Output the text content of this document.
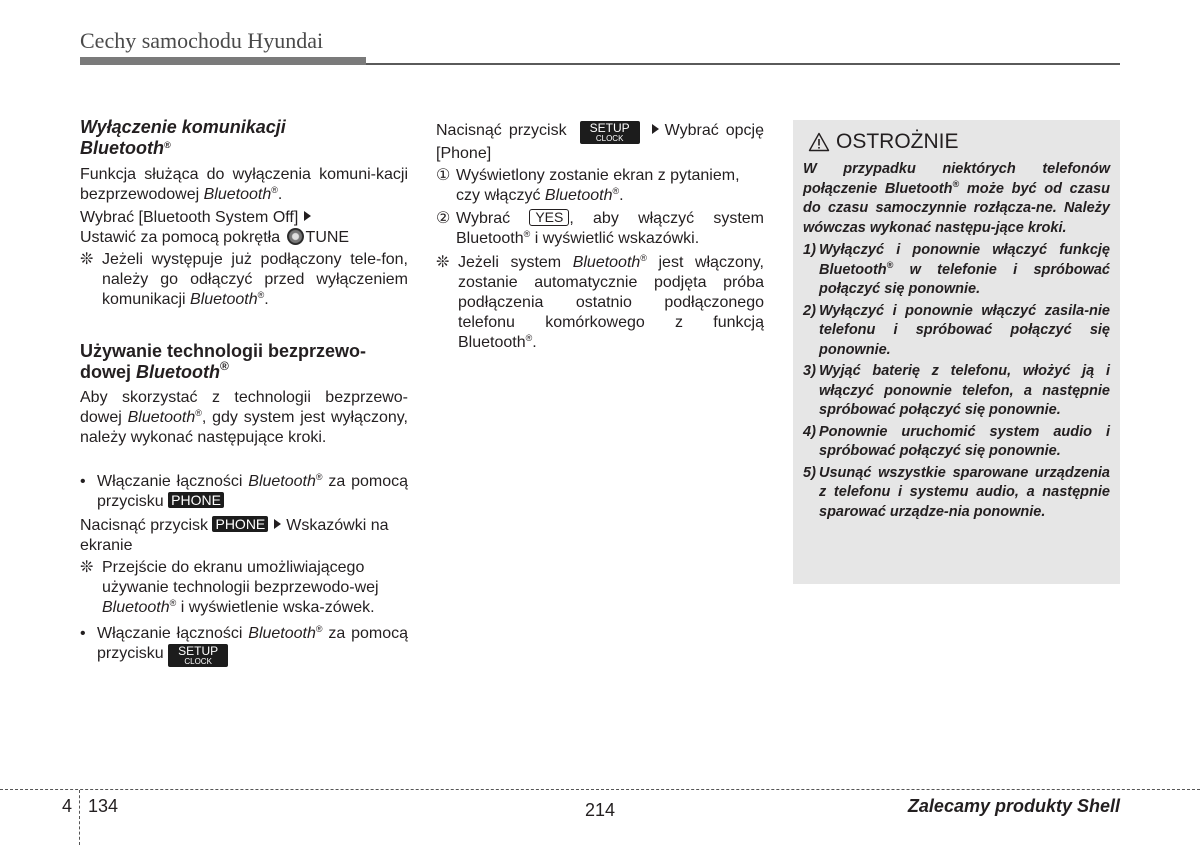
Cechy samochodu Hyundai

Wyłączenie komunikacji
Bluetooth®

Funkcja służąca do wyłączenia komuni-kacji bezprzewodowej Bluetooth®.

Wybrać [Bluetooth System Off]
Ustawić za pomocą pokrętła TUNE

❊ Jeżeli występuje już podłączony tele-fon, należy go odłączyć przed wyłączeniem komunikacji Bluetooth®.

Używanie technologii bezprzewo-dowej Bluetooth®

Aby skorzystać z technologii bezprzewo-dowej Bluetooth®, gdy system jest wyłączony, należy wykonać następujące kroki.

• Włączanie łączności Bluetooth® za pomocą przycisku PHONE

Nacisnąć przycisk PHONE Wskazówki na ekranie

❊ Przejście do ekranu umożliwiającego używanie technologii bezprzewodo-wej Bluetooth® i wyświetlenie wska-zówek.
• Włączanie łączności Bluetooth® za pomocą przycisku SETUP
CLOCK

Nacisnąć przycisk	SETUP
CLOCK	Wybrać opcję [Phone]

① Wyświetlony zostanie ekran z pytaniem, czy włączyć Bluetooth®.
② Wybrać YES , aby włączyć system Bluetooth® i wyświetlić wskazówki.
❊ Jeżeli system Bluetooth® jest włączony, zostanie automatycznie podjęta próba podłączenia ostatnio podłączonego telefonu komórkowego z funkcją Bluetooth®.
OSTROŻNIE

W przypadku niektórych telefonów połączenie Bluetooth® może być od czasu do czasu samoczynnie rozłącza-ne. Należy wówczas wykonać następu-jące kroki.

1) Wyłączyć i ponownie włączyć funkcję Bluetooth® w telefonie i spróbować połączyć się ponownie.
2) Wyłączyć i ponownie włączyć zasila-nie telefonu i spróbować połączyć się ponownie.
3) Wyjąć baterię z telefonu, włożyć ją i włączyć ponownie telefon, a następnie spróbować połączyć się ponownie.
4) Ponownie uruchomić system audio i spróbować połączyć się ponownie.
5) Usunąć wszystkie sparowane urządzenia z telefonu i systemu audio, a następnie sparować urządze-nia ponownie.
4 134	214	Zalecamy produkty Shell
